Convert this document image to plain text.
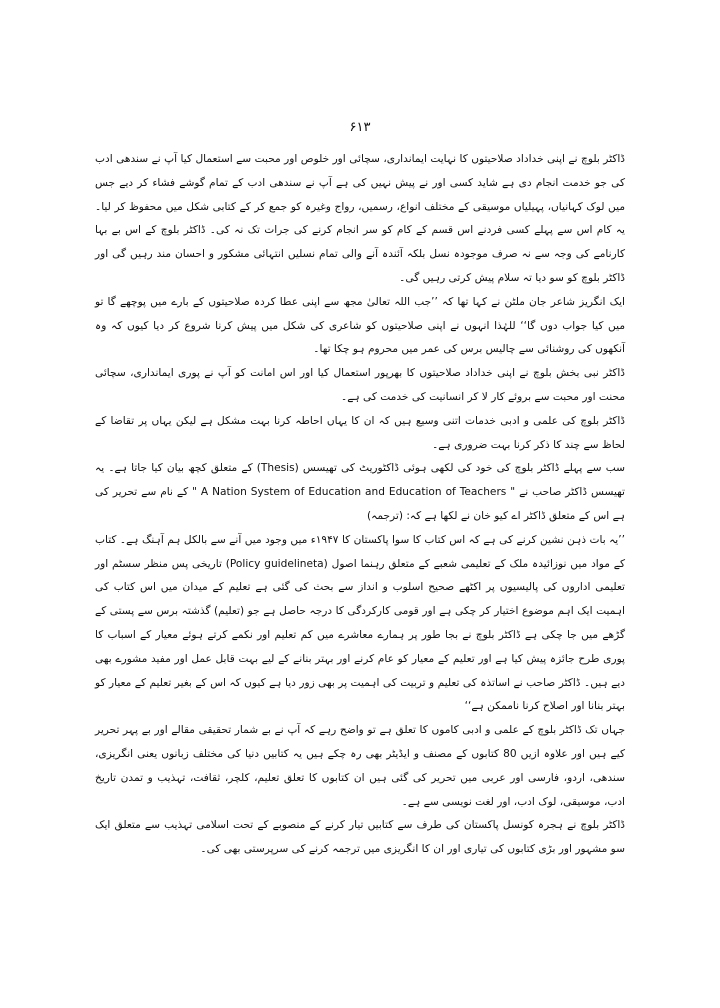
۶۱۳

ڈاکٹر بلوچ نے اپنی خداداد صلاحیتوں کا نہایت ایمانداری، سچائی اور خلوص اور محبت سے استعمال کیا آپ نے سندھی ادب کی جو خدمت انجام دی ہے شاید کسی اور نے پیش نہیں کی ہے آپ نے سندھی ادب کے تمام گوشے فشاء کر دیے جس میں لوک کہانیاں، پہیلیاں موسیقی کے مختلف انواع، رسمیں، رواج وغیرہ کو جمع کر کے کتابی شکل میں محفوظ کر لیا۔ یہ کام اس سے پہلے کسی فردنے اس قسم کے کام کو سر انجام کرنے کی جرات تک نہ کی۔ ڈاکٹر بلوچ کے اس بے بہا کارنامے کی وجہ سے نہ صرف موجودہ نسل بلکہ آئندہ آنے والی تمام نسلیں انتہائی مشکور و احسان مند رہیں گی اور ڈاکٹر بلوچ کو سو دیا تہ سلام پیش کرتی رہیں گی۔

ایک انگریز شاعر جان ملٹن نے کہا تھا کہ ’’جب اللہ تعالیٰ مجھ سے اپنی عطا کردہ صلاحیتوں کے بارے میں پوچھے گا تو میں کیا جواب دوں گا‘‘ للہٰذا انہوں نے اپنی صلاحیتوں کو شاعری کی شکل میں پیش کرنا شروع کر دیا کیوں کہ وہ آنکھوں کی روشنائی سے چالیس برس کی عمر میں محروم ہو چکا تھا۔

ڈاکٹر نبی بخش بلوچ نے اپنی خداداد صلاحیتوں کا بھرپور استعمال کیا اور اس امانت کو آپ نے پوری ایمانداری، سچائی محنت اور محبت سے بروئے کار لا کر انسانیت کی خدمت کی ہے۔

ڈاکٹر بلوچ کی علمی و ادبی خدمات اتنی وسیع ہیں کہ ان کا یہاں احاطہ کرنا بہت مشکل ہے لیکن یہاں پر تقاضا کے لحاظ سے چند کا ذکر کرنا بہت ضروری ہے۔

سب سے پہلے ڈاکٹر بلوچ کی خود کی لکھی ہوئی ڈاکٹوریٹ کی تھیسس (Thesis) کے متعلق کچھ بیان کیا جاتا ہے۔ یہ تھیسس ڈاکٹر صاحب نے " A Nation System of Education and Education of Teachers " کے نام سے تحریر کی ہے اس کے متعلق ڈاکٹر اے کیو خان نے لکھا ہے کہ: (ترجمہ)

’’یہ بات ذہن نشین کرنے کی ہے کہ اس کتاب کا سوا پاکستان کا ۱۹۴۷ء میں وجود میں آنے سے بالکل ہم آہنگ ہے۔ کتاب کے مواد میں نوزائیدہ ملک کے تعلیمی شعبے کے متعلق رہنما اصول (Policy guidelineta) تاریخی پس منظر سسٹم اور تعلیمی اداروں کی پالیسیوں پر اکٹھے صحیح اسلوب و انداز سے بحث کی گئی ہے تعلیم کے میدان میں اس کتاب کی اہمیت ایک اہم موضوع اختیار کر چکی ہے اور قومی کارکردگی کا درجہ حاصل ہے جو (تعلیم) گذشتہ برس سے پستی کے گڑھے میں جا چکی ہے ڈاکٹر بلوچ نے بجا طور پر ہمارے معاشرے میں کم تعلیم اور نکمے کرتے ہوئے معیار کے اسباب کا پوری طرح جائزہ پیش کیا ہے اور تعلیم کے معیار کو عام کرنے اور بہتر بنانے کے لیے بہت قابل عمل اور مفید مشورے بھی دیے ہیں۔ ڈاکٹر صاحب نے اساتذہ کی تعلیم و تربیت کی اہمیت پر بھی زور دیا ہے کیوں کہ اس کے بغیر تعلیم کے معیار کو بہتر بنانا اور اصلاح کرنا ناممکن ہے‘‘

جہاں تک ڈاکٹر بلوچ کے علمی و ادبی کاموں کا تعلق ہے تو واضح رہے کہ آپ نے بے شمار تحقیقی مقالے اور بے پہر تحریر کیے ہیں اور علاوہ ازیں 80 کتابوں کے مصنف و ایڈیٹر بھی رہ چکے ہیں یہ کتابیں دنیا کی مختلف زبانوں یعنی انگریزی، سندھی، اردو، فارسی اور عربی میں تحریر کی گئی ہیں ان کتابوں کا تعلق تعلیم، کلچر، ثقافت، تہذیب و تمدن تاریخ ادب، موسیقی، لوک ادب، اور لغت نویسی سے ہے۔

ڈاکٹر بلوچ نے ہجرہ کونسل پاکستان کی طرف سے کتابیں تیار کرنے کے منصوبے کے تحت اسلامی تہذیب سے متعلق ایک سو مشہور اور بڑی کتابوں کی تیاری اور ان کا انگریزی میں ترجمہ کرنے کی سرپرستی بھی کی۔
